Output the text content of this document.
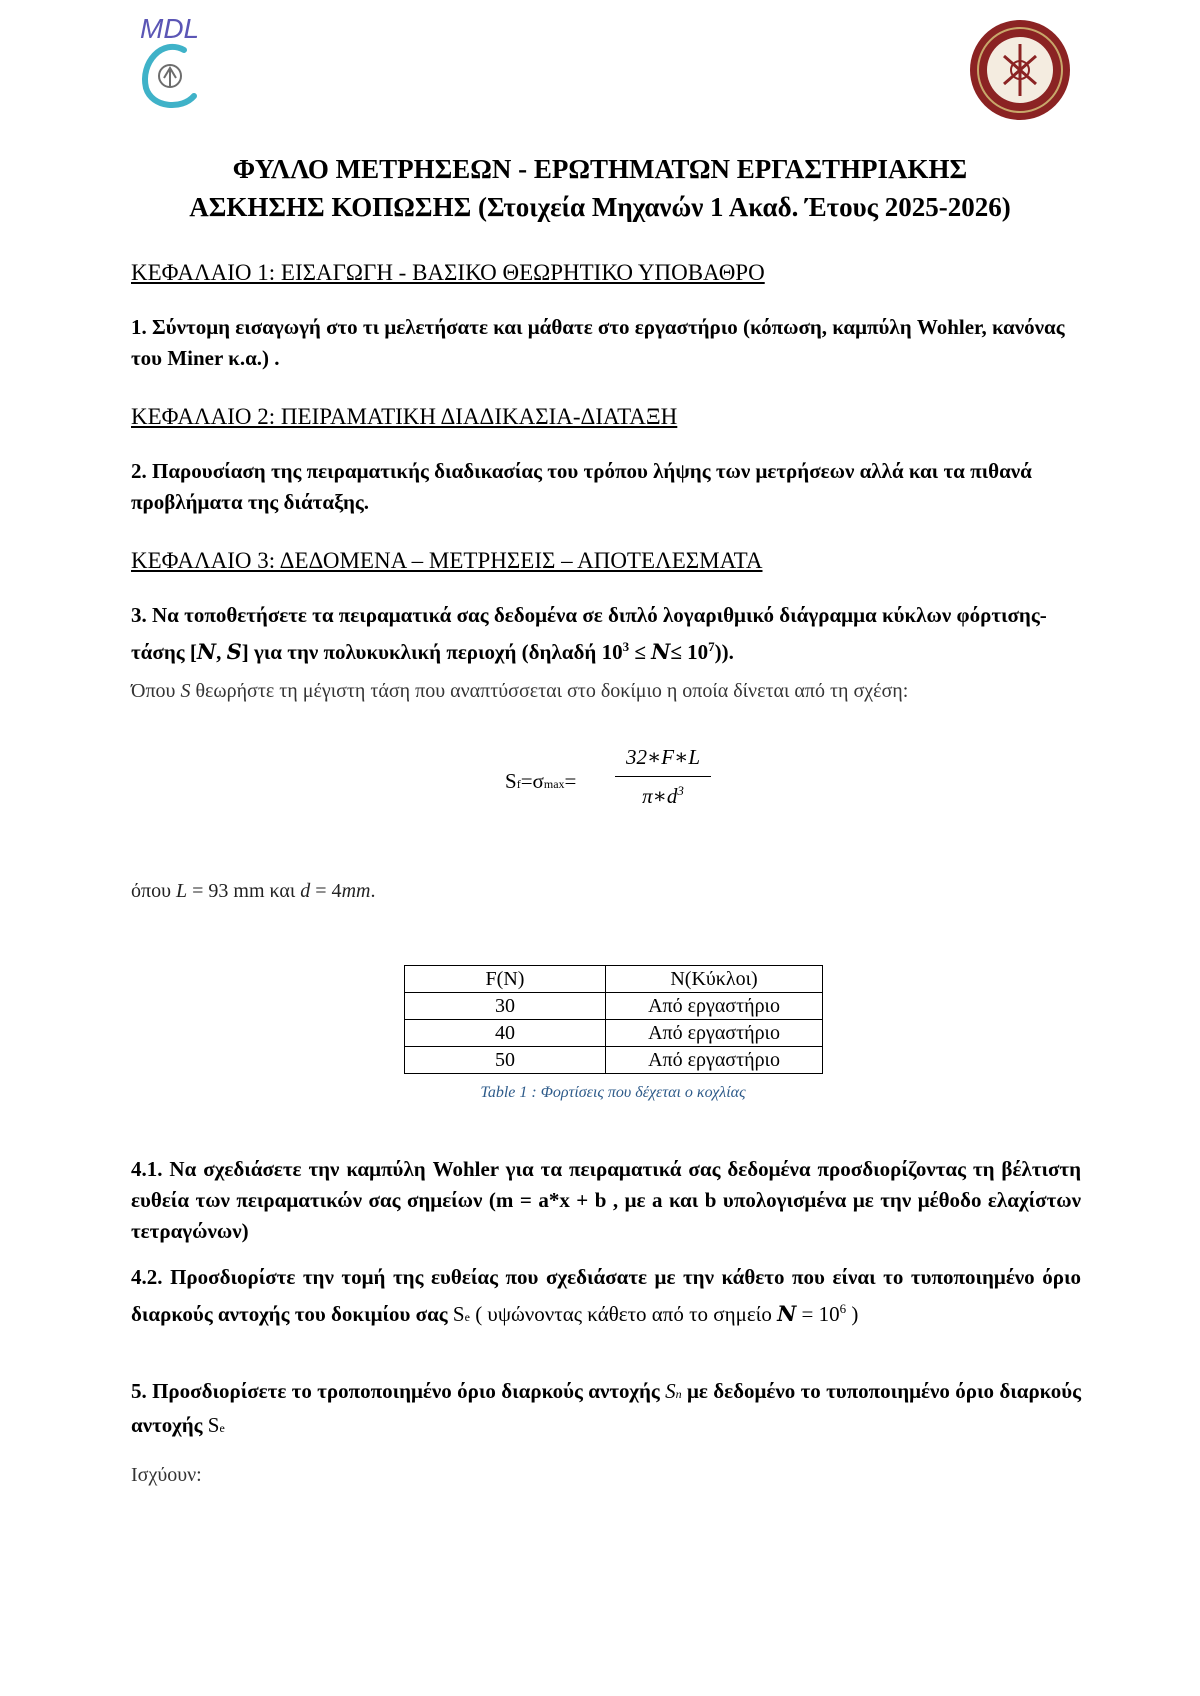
MDL
ΦΥΛΛΟ ΜΕΤΡΗΣΕΩΝ - ΕΡΩΤΗΜΑΤΩΝ ΕΡΓΑΣΤΗΡΙΑΚΗΣ
ΑΣΚΗΣΗΣ ΚΟΠΩΣΗΣ (Στοιχεία Μηχανών 1 Ακαδ. Έτους 2025-2026)
ΚΕΦΑΛΑΙΟ 1: ΕΙΣΑΓΩΓΗ - ΒΑΣΙΚΟ ΘΕΩΡΗΤΙΚΟ ΥΠΟΒΑΘΡΟ
1. Σύντομη εισαγωγή στο τι μελετήσατε και μάθατε στο εργαστήριο (κόπωση, καμπύλη Wohler, κανόνας του Miner κ.α.) .
ΚΕΦΑΛΑΙΟ 2: ΠΕΙΡΑΜΑΤΙΚΗ ΔΙΑΔΙΚΑΣΙΑ-ΔΙΑΤΑΞΗ
2. Παρουσίαση της πειραματικής διαδικασίας του τρόπου λήψης των μετρήσεων αλλά και τα πιθανά προβλήματα της διάταξης.
ΚΕΦΑΛΑΙΟ 3: ΔΕΔΟΜΕΝΑ – ΜΕΤΡΗΣΕΙΣ – ΑΠΟΤΕΛΕΣΜΑΤΑ
3. Να τοποθετήσετε τα πειραματικά σας δεδομένα σε διπλό λογαριθμικό διάγραμμα κύκλων φόρτισης-τάσης [N, S] για την πολυκυκλική περιοχή (δηλαδή $10^3 \le N\le 10^7$)).
Όπου S θεωρήστε τη μέγιστη τάση που αναπτύσσεται στο δοκίμιο η οποία δίνεται από τη σχέση:
Sf=σmax=
32∗F∗L
$\pi∗d^3$
όπου L = 93 mm και d = 4mm.
F(N)	N(Κύκλοι)
30	Από εργαστήριο
40	Από εργαστήριο
50	Από εργαστήριο
Table 1 : Φορτίσεις που δέχεται ο κοχλίας
4.1. Να σχεδιάσετε την καμπύλη Wohler για τα πειραματικά σας δεδομένα προσδιορίζοντας τη βέλτιστη ευθεία των πειραματικών σας σημείων (m = a*x + b , με a και b υπολογισμένα με την μέθοδο ελαχίστων τετραγώνων)
4.2. Προσδιορίστε την τομή της ευθείας που σχεδιάσατε με την κάθετο που είναι το τυποποιημένο όριο διαρκούς αντοχής του δοκιμίου σας Se ( υψώνοντας κάθετο από το σημείο $N = 10^6$ )
5. Προσδιορίσετε το τροποποιημένο όριο διαρκούς αντοχής Sn με δεδομένο το τυποποιημένο όριο διαρκούς αντοχής Se
Ισχύουν:
